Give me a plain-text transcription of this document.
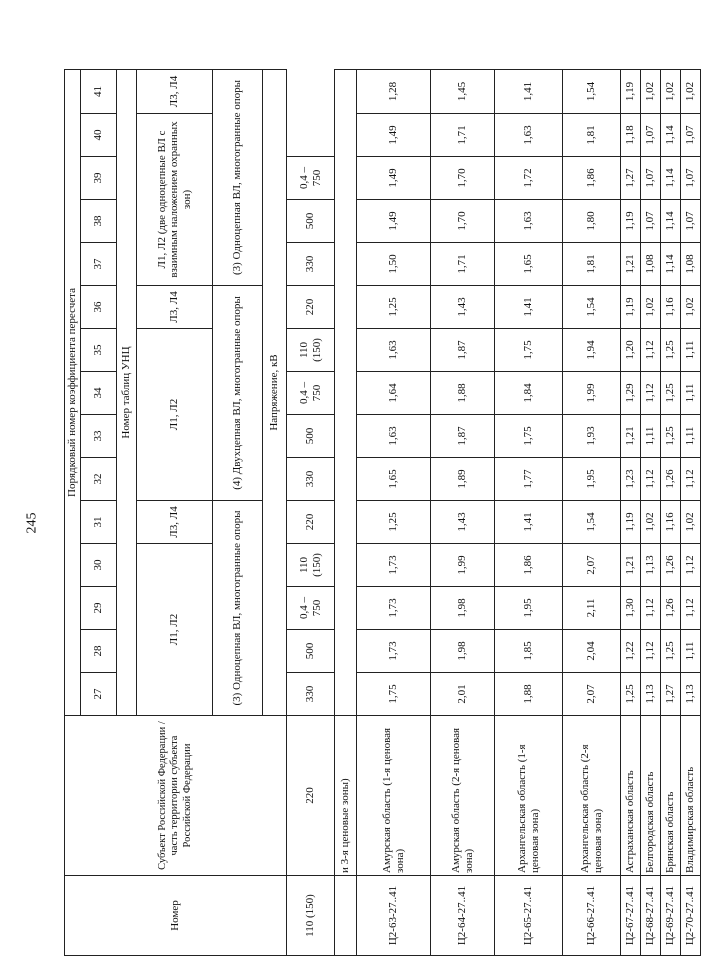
245
Номер	Субъект Российской Федерации / часть территории субъекта Российской Федерации	Порядковый номер коэффициента пересчета														
		27	28	29	30	31	32	33	34	35	36	37	38	39	40	41
		Номер таблиц УНЦ														
		Л1, Л2				Л3, Л4	Л1, Л2				Л3, Л4	Л1, Л2 (две одноцепные ВЛ с взаимным наложением охранных зон)				Л3, Л4
		(3) Одноцепная ВЛ, многогранные опоры					(4) Двухцепная ВЛ, многогранные опоры					(3) Одноцепная ВЛ, многогранные опоры				
		Напряжение, кВ														
110 (150)	220	330	500	0,4 – 750	110 (150)	220	330	500	0,4 – 750	110 (150)	220	330	500	0,4 – 750		
	и 3-я ценовые зоны)															
Ц2-63-27..41	Амурская область (1-я ценовая зона)	1,75	1,73	1,73	1,73	1,25	1,65	1,63	1,64	1,63	1,25	1,50	1,49	1,49	1,49	1,28
Ц2-64-27..41	Амурская область (2-я ценовая зона)	2,01	1,98	1,98	1,99	1,43	1,89	1,87	1,88	1,87	1,43	1,71	1,70	1,70	1,71	1,45
Ц2-65-27..41	Архангельская область (1-я ценовая зона)	1,88	1,85	1,95	1,86	1,41	1,77	1,75	1,84	1,75	1,41	1,65	1,63	1,72	1,63	1,41
Ц2-66-27..41	Архангельская область (2-я ценовая зона)	2,07	2,04	2,11	2,07	1,54	1,95	1,93	1,99	1,94	1,54	1,81	1,80	1,86	1,81	1,54
Ц2-67-27..41	Астраханская область	1,25	1,22	1,30	1,21	1,19	1,23	1,21	1,29	1,20	1,19	1,21	1,19	1,27	1,18	1,19
Ц2-68-27..41	Белгородская область	1,13	1,12	1,12	1,13	1,02	1,12	1,11	1,12	1,12	1,02	1,08	1,07	1,07	1,07	1,02
Ц2-69-27..41	Брянская область	1,27	1,25	1,26	1,26	1,16	1,26	1,25	1,25	1,25	1,16	1,14	1,14	1,14	1,14	1,02
Ц2-70-27..41	Владимирская область	1,13	1,11	1,12	1,12	1,02	1,12	1,11	1,11	1,11	1,02	1,08	1,07	1,07	1,07	1,02
